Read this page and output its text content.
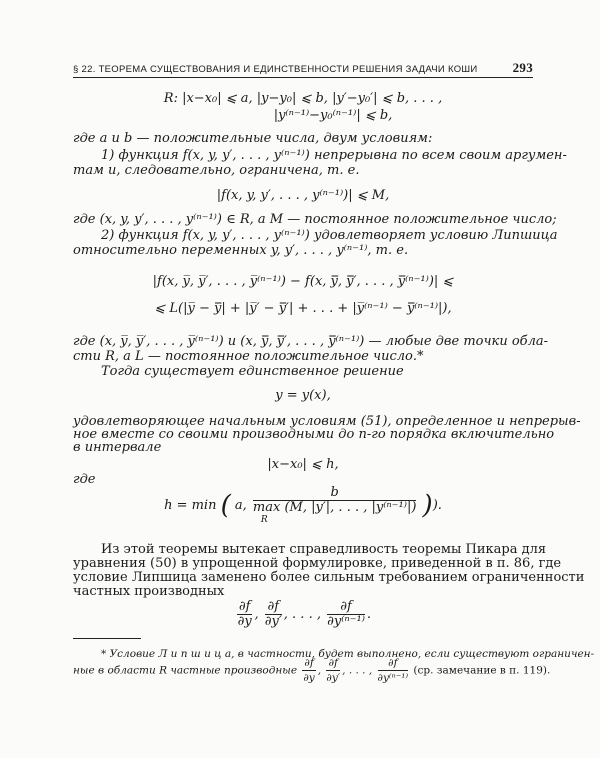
§ 22. ТЕОРЕМА СУЩЕСТВОВАНИЯ И ЕДИНСТВЕННОСТИ РЕШЕНИЯ ЗАДАЧИ КОШИ	293
R: |x−x₀| ⩽ a, |y−y₀| ⩽ b, |y′−y₀′| ⩽ b, . . . ,
|y⁽ⁿ⁻¹⁾−y₀⁽ⁿ⁻¹⁾| ⩽ b,
где a и b — положительные числа, двум условиям:
1) функция f(x, y, y′, . . . , y⁽ⁿ⁻¹⁾) непрерывна по всем своим аргумен-
там и, следовательно, ограничена, т. е.
|f(x, y, y′, . . . , y⁽ⁿ⁻¹⁾)| ⩽ M,
где (x, y, y′, . . . , y⁽ⁿ⁻¹⁾) ∈ R, а M — постоянное положительное число;
2) функция f(x, y, y′, . . . , y⁽ⁿ⁻¹⁾) удовлетворяет условию Липшица
относительно переменных y, y′, . . . , y⁽ⁿ⁻¹⁾, т. е.
|f(x, y̅, y̅′, . . . , y̅⁽ⁿ⁻¹⁾) − f(x, y̿, y̿′, . . . , y̿⁽ⁿ⁻¹⁾)| ⩽
⩽ L(|y̅ − y̿| + |y̅′ − y̿′| + . . . + |y̅⁽ⁿ⁻¹⁾ − y̿⁽ⁿ⁻¹⁾|),
где (x, y̅, y̅′, . . . , y̅⁽ⁿ⁻¹⁾) и (x, y̿, y̿′, . . . , y̿⁽ⁿ⁻¹⁾) — любые две точки обла-
сти R, а L — постоянное положительное число.*
Тогда существует единственное решение
y = y(x),
удовлетворяющее начальным условиям (51), определенное и непрерыв-
ное вместе со своими производными до n-го порядка включительно
в интервале
|x−x₀| ⩽ h,
где
h = min ( a,
b
max (M, |y′|, . . . , |y⁽ⁿ⁻¹⁾|)
R	)).
Из этой теоремы вытекает справедливость теоремы Пикара для
уравнения (50) в упрощенной формулировке, приведенной в п. 86, где
условие Липшица заменено более сильным требованием ограниченности
частных производных
$\frac{\partial f}{\partial y}$ , $\frac{\partial f}{\partial y'}$ , . . . , $\frac{\partial f}{\text{∂y⁽ⁿ⁻¹⁾}}$ .
* Условие Л и п ш и ц а, в частности, будет выполнено, если существуют ограничен-
ные в области R частные производные $\frac{\partial f}{\partial y}$ , $\frac{\partial f}{\partial y'}$ , . . . , $\frac{\partial f}{\text{∂y⁽ⁿ⁻¹⁾}} (ср$. замечание в п. 119).
